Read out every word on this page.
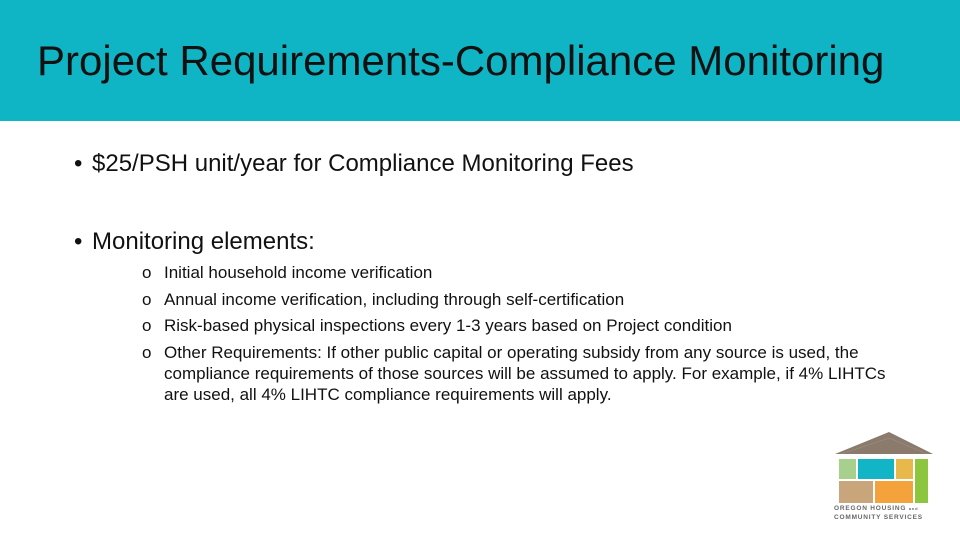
Project Requirements-Compliance Monitoring
• $25/PSH unit/year for Compliance Monitoring Fees
• Monitoring elements:
o Initial household income verification
o Annual income verification, including through self-certification
o Risk-based physical inspections every 1-3 years based on Project condition
o Other Requirements: If other public capital or operating subsidy from any source is used, the compliance requirements of those sources will be assumed to apply. For example, if 4% LIHTCs are used, all 4% LIHTC compliance requirements will apply.
OREGON HOUSING and
COMMUNITY SERVICES
